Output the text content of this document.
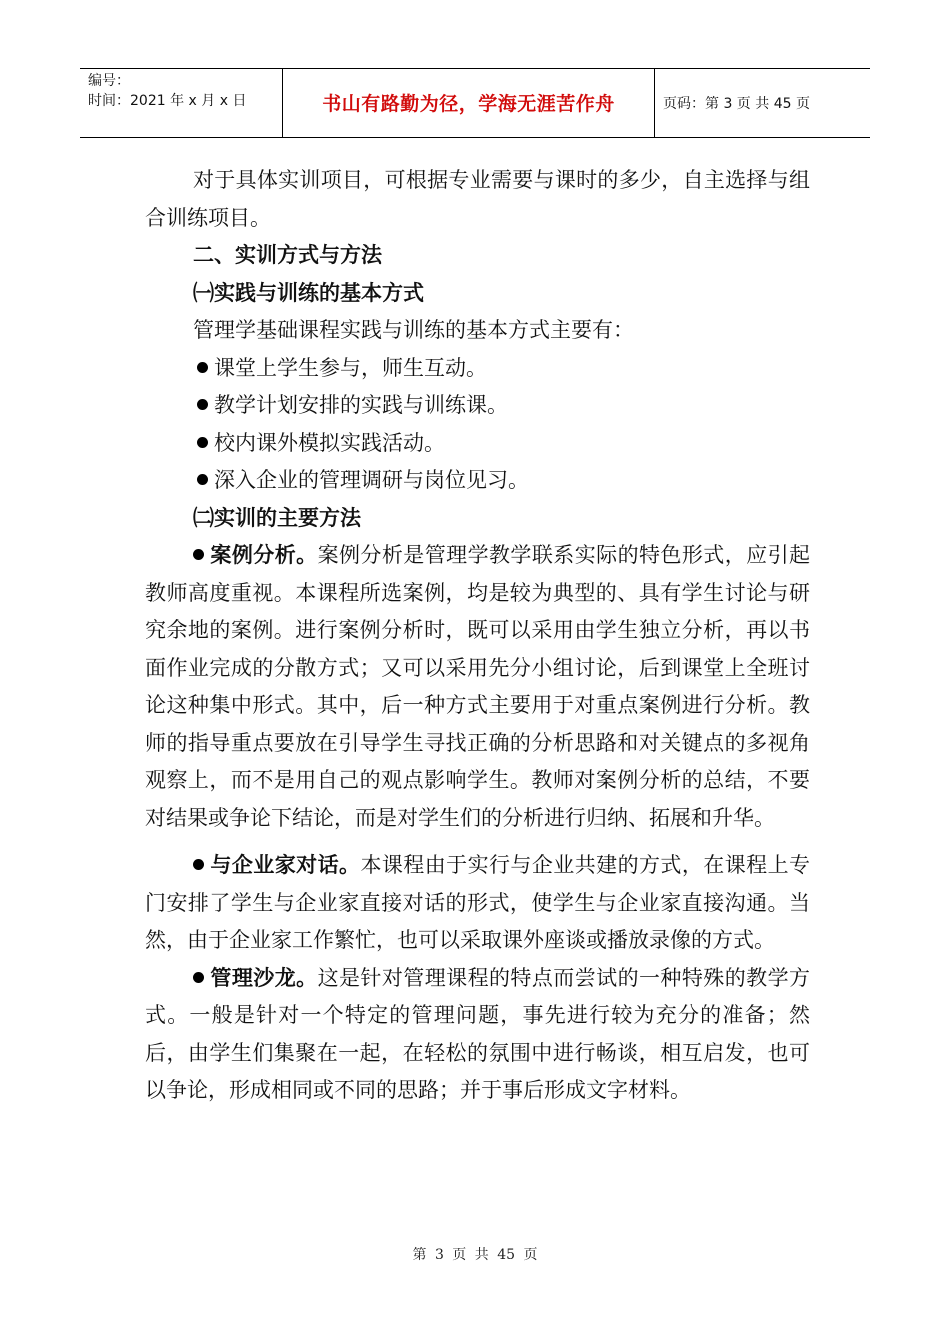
编号：
时间：2021 年 x 月 x 日	书山有路勤为径，学海无涯苦作舟	页码：第 3 页 共 45 页

对于具体实训项目，可根据专业需要与课时的多少，自主选择与组合训练项目。

二、实训方式与方法

㈠实践与训练的基本方式

管理学基础课程实践与训练的基本方式主要有：

课堂上学生参与，师生互动。

教学计划安排的实践与训练课。

校内课外模拟实践活动。

深入企业的管理调研与岗位见习。

㈡实训的主要方法

案例分析。案例分析是管理学教学联系实际的特色形式，应引起教师高度重视。本课程所选案例，均是较为典型的、具有学生讨论与研究余地的案例。进行案例分析时，既可以采用由学生独立分析，再以书面作业完成的分散方式；又可以采用先分小组讨论，后到课堂上全班讨论这种集中形式。其中，后一种方式主要用于对重点案例进行分析。教师的指导重点要放在引导学生寻找正确的分析思路和对关键点的多视角观察上，而不是用自己的观点影响学生。教师对案例分析的总结，不要对结果或争论下结论，而是对学生们的分析进行归纳、拓展和升华。

与企业家对话。本课程由于实行与企业共建的方式，在课程上专门安排了学生与企业家直接对话的形式，使学生与企业家直接沟通。当然，由于企业家工作繁忙，也可以采取课外座谈或播放录像的方式。

管理沙龙。这是针对管理课程的特点而尝试的一种特殊的教学方式。一般是针对一个特定的管理问题，事先进行较为充分的准备；然后，由学生们集聚在一起，在轻松的氛围中进行畅谈，相互启发，也可以争论，形成相同或不同的思路；并于事后形成文字材料。

第 3 页 共 45 页
